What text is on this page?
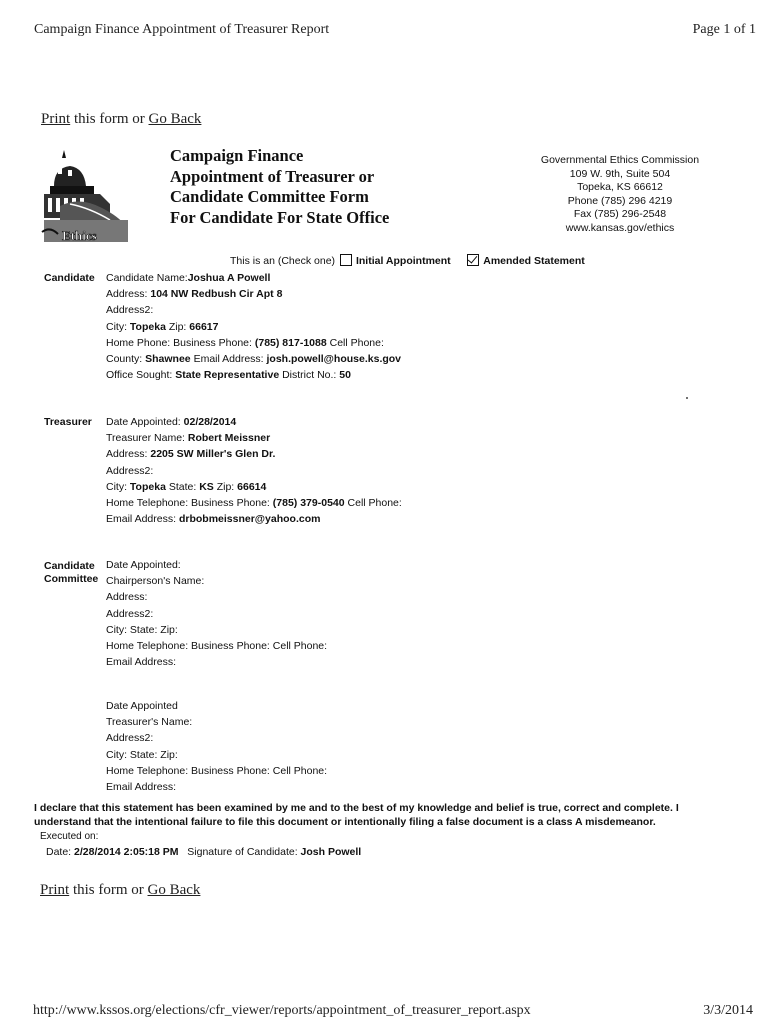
Campaign Finance Appointment of Treasurer Report	Page 1 of 1
Print this form or Go Back
Ethics
Campaign Finance
Appointment of Treasurer or
Candidate Committee Form
For Candidate For State Office
Governmental Ethics Commission
109 W. 9th, Suite 504
Topeka, KS 66612
Phone (785) 296 4219
Fax (785) 296-2548
www.kansas.gov/ethics
This is an (Check one) Initial Appointment	Amended Statement
Candidate Candidate Name:Joshua A Powell
Address: 104 NW Redbush Cir Apt 8
Address2:
City: Topeka Zip: 66617
Home Phone: Business Phone: (785) 817-1088 Cell Phone:
County: Shawnee Email Address: josh.powell@house.ks.gov
Office Sought: State Representative District No.: 50
Treasurer Date Appointed: 02/28/2014
Treasurer Name: Robert Meissner
Address: 2205 SW Miller's Glen Dr.
Address2:
City: Topeka State: KS Zip: 66614
Home Telephone: Business Phone: (785) 379-0540 Cell Phone:
Email Address: drbobmeissner@yahoo.com
Candidate
Committee
Date Appointed:
Chairperson's Name:
Address:
Address2:
City: State: Zip:
Home Telephone: Business Phone: Cell Phone:
Email Address:
Date Appointed
Treasurer's Name:
Address2:
City: State: Zip:
Home Telephone: Business Phone: Cell Phone:
Email Address:
I declare that this statement has been examined by me and to the best of my knowledge and belief is true, correct and complete. I
understand that the intentional failure to file this document or intentionally filing a false document is a class A misdemeanor.
Executed on:
Date: 2/28/2014 2:05:18 PM Signature of Candidate: Josh Powell
Print this form or Go Back
http://www.kssos.org/elections/cfr_viewer/reports/appointment_of_treasurer_report.aspx	3/3/2014
